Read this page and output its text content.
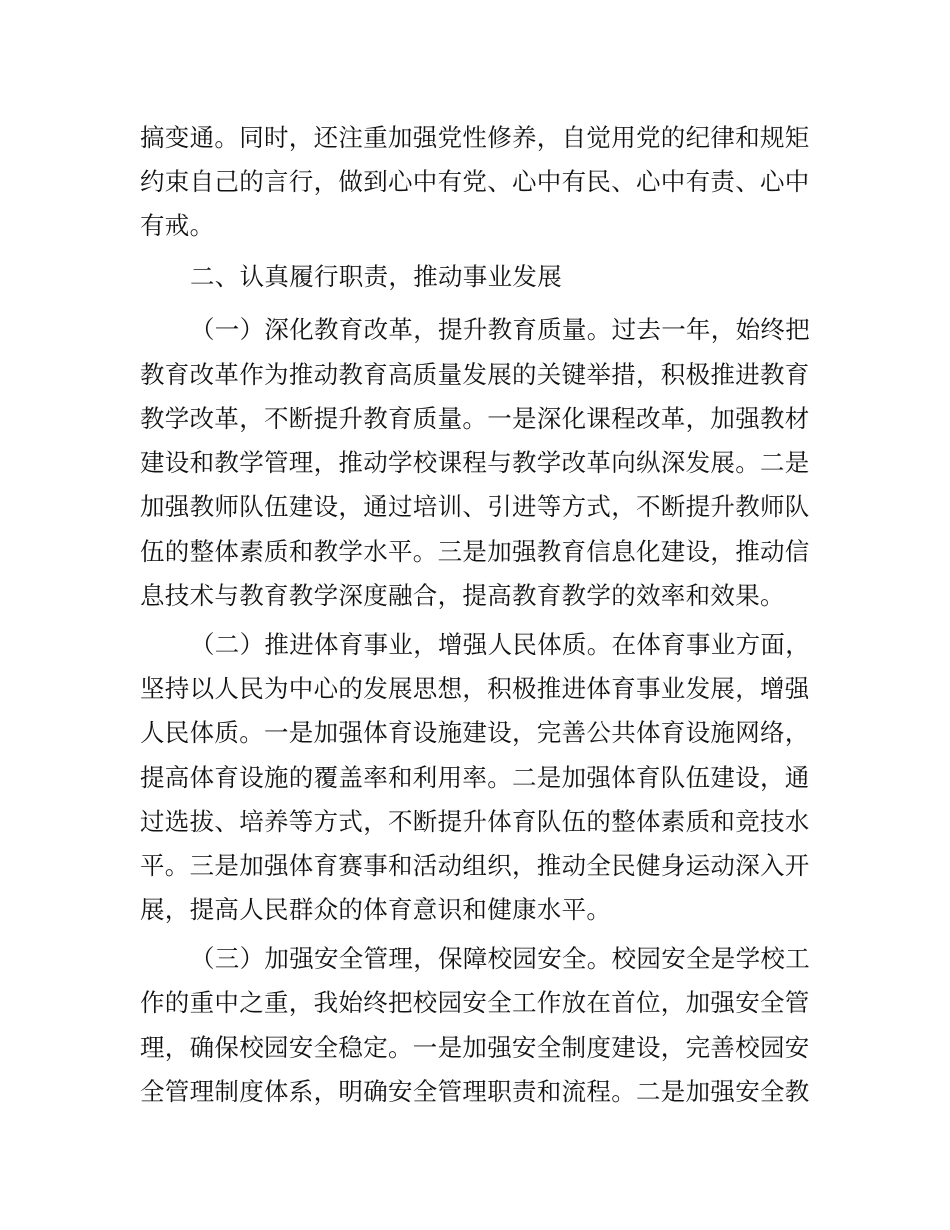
搞变通。同时，还注重加强党性修养，自觉用党的纪律和规矩
约束自己的言行，做到心中有党、心中有民、心中有责、心中
有戒。
二、认真履行职责，推动事业发展
（一）深化教育改革，提升教育质量。过去一年，始终把
教育改革作为推动教育高质量发展的关键举措，积极推进教育
教学改革，不断提升教育质量。一是深化课程改革，加强教材
建设和教学管理，推动学校课程与教学改革向纵深发展。二是
加强教师队伍建设，通过培训、引进等方式，不断提升教师队
伍的整体素质和教学水平。三是加强教育信息化建设，推动信
息技术与教育教学深度融合，提高教育教学的效率和效果。
（二）推进体育事业，增强人民体质。在体育事业方面，
坚持以人民为中心的发展思想，积极推进体育事业发展，增强
人民体质。一是加强体育设施建设，完善公共体育设施网络，
提高体育设施的覆盖率和利用率。二是加强体育队伍建设，通
过选拔、培养等方式，不断提升体育队伍的整体素质和竞技水
平。三是加强体育赛事和活动组织，推动全民健身运动深入开
展，提高人民群众的体育意识和健康水平。
（三）加强安全管理，保障校园安全。校园安全是学校工
作的重中之重，我始终把校园安全工作放在首位，加强安全管
理，确保校园安全稳定。一是加强安全制度建设，完善校园安
全管理制度体系，明确安全管理职责和流程。二是加强安全教
